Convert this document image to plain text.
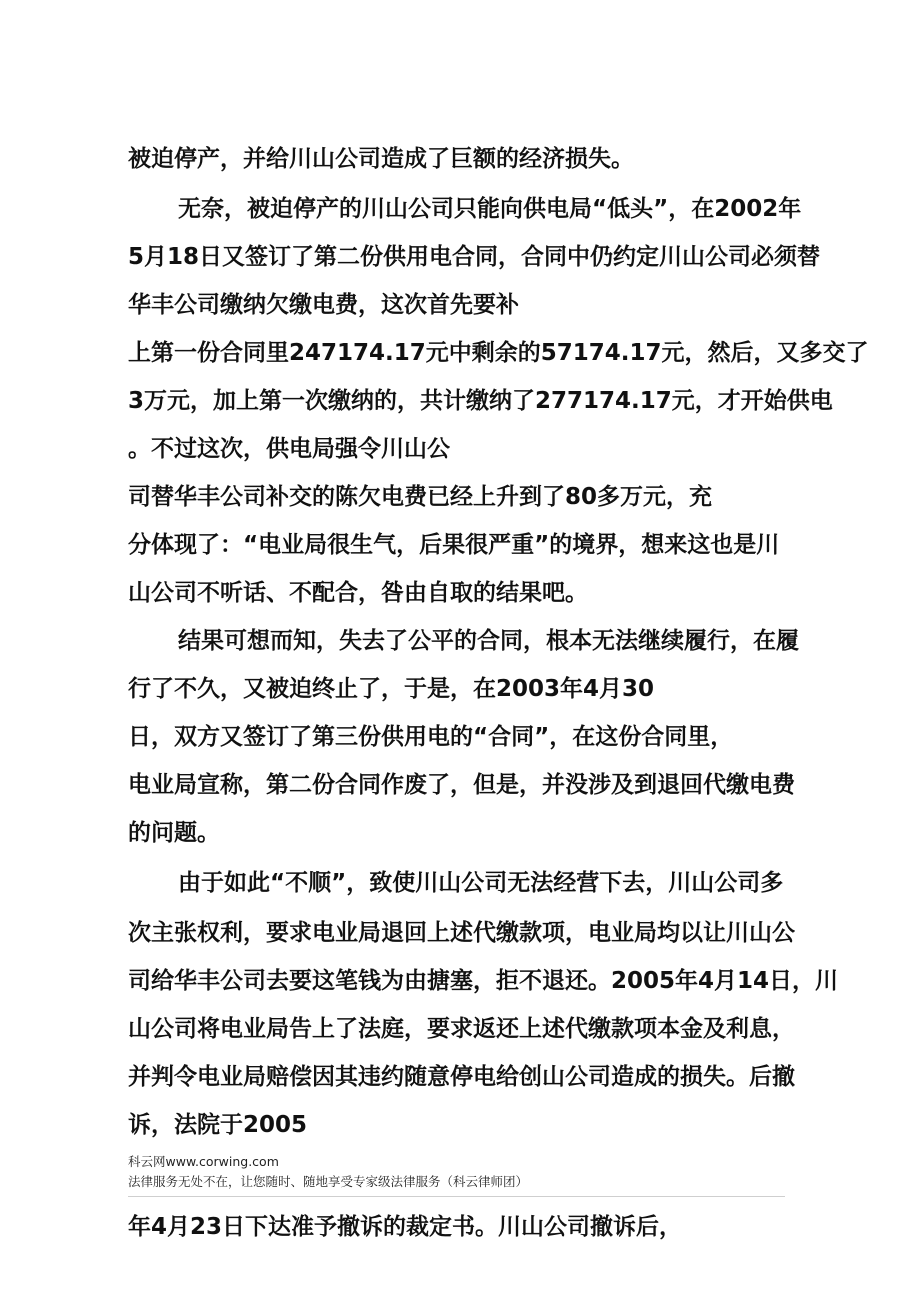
被迫停产，并给川山公司造成了巨额的经济损失。
无奈，被迫停产的川山公司只能向供电局“低头”，在2002年
5月18日又签订了第二份供用电合同，合同中仍约定川山公司必须替
华丰公司缴纳欠缴电费，这次首先要补
上第一份合同里247174.17元中剩余的57174.17元，然后，又多交了
3万元，加上第一次缴纳的，共计缴纳了277174.17元，才开始供电
。不过这次，供电局强令川山公
司替华丰公司补交的陈欠电费已经上升到了80多万元，充
分体现了：“电业局很生气，后果很严重”的境界，想来这也是川
山公司不听话、不配合，咎由自取的结果吧。
结果可想而知，失去了公平的合同，根本无法继续履行，在履
行了不久，又被迫终止了，于是，在2003年4月30
日，双方又签订了第三份供用电的“合同”，在这份合同里，
电业局宣称，第二份合同作废了，但是，并没涉及到退回代缴电费
的问题。
由于如此“不顺”，致使川山公司无法经营下去，川山公司多
次主张权利，要求电业局退回上述代缴款项，电业局均以让川山公
司给华丰公司去要这笔钱为由搪塞，拒不退还。2005年4月14日，川
山公司将电业局告上了法庭，要求返还上述代缴款项本金及利息，
并判令电业局赔偿因其违约随意停电给创山公司造成的损失。后撤
诉，法院于2005
科云网www.corwing.com
法律服务无处不在，让您随时、随地享受专家级法律服务（科云律师团）
年4月23日下达准予撤诉的裁定书。川山公司撤诉后，
